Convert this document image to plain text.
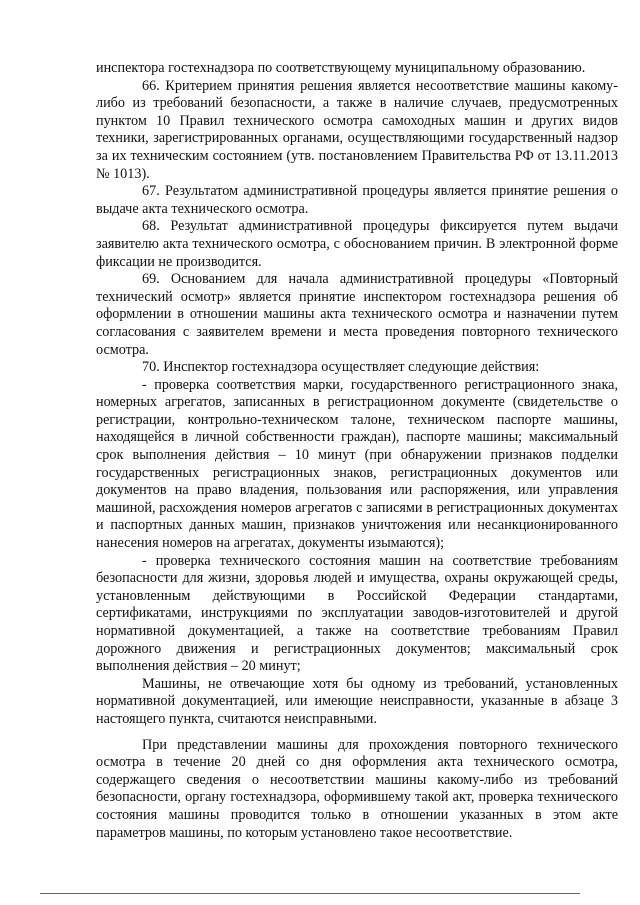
инспектора гостехнадзора по соответствующему муниципальному образованию.

66. Критерием принятия решения является несоответствие машины какому-либо из требований безопасности, а также в наличие случаев, предусмотренных пунктом 10 Правил технического осмотра самоходных машин и других видов техники, зарегистрированных органами, осуществляющими государственный надзор за их техническим состоянием (утв. постановлением Правительства РФ от 13.11.2013 № 1013).

67. Результатом административной процедуры является принятие решения о выдаче акта технического осмотра.

68. Результат административной процедуры фиксируется путем выдачи заявителю акта технического осмотра, с обоснованием причин. В электронной форме фиксации не производится.

69. Основанием для начала административной процедуры «Повторный технический осмотр» является принятие инспектором гостехнадзора решения об оформлении в отношении машины акта технического осмотра и назначении путем согласования с заявителем времени и места проведения повторного технического осмотра.

70. Инспектор гостехнадзора осуществляет следующие действия:

- проверка соответствия марки, государственного регистрационного знака, номерных агрегатов, записанных в регистрационном документе (свидетельстве о регистрации, контрольно-техническом талоне, техническом паспорте машины, находящейся в личной собственности граждан), паспорте машины; максимальный срок выполнения действия – 10 минут (при обнаружении признаков подделки государственных регистрационных знаков, регистрационных документов или документов на право владения, пользования или распоряжения, или управления машиной, расхождения номеров агрегатов с записями в регистрационных документах и паспортных данных машин, признаков уничтожения или несанкционированного нанесения номеров на агрегатах, документы изымаются);

- проверка технического состояния машин на соответствие требованиям безопасности для жизни, здоровья людей и имущества, охраны окружающей среды, установленным действующими в Российской Федерации стандартами, сертификатами, инструкциями по эксплуатации заводов-изготовителей и другой нормативной документацией, а также на соответствие требованиям Правил дорожного движения и регистрационных документов; максимальный срок выполнения действия – 20 минут;

Машины, не отвечающие хотя бы одному из требований, установленных нормативной документацией, или имеющие неисправности, указанные в абзаце 3 настоящего пункта, считаются неисправными.

При представлении машины для прохождения повторного технического осмотра в течение 20 дней со дня оформления акта технического осмотра, содержащего сведения о несоответствии машины какому-либо из требований безопасности, органу гостехнадзора, оформившему такой акт, проверка технического состояния машины проводится только в отношении указанных в этом акте параметров машины, по которым установлено такое несоответствие.
